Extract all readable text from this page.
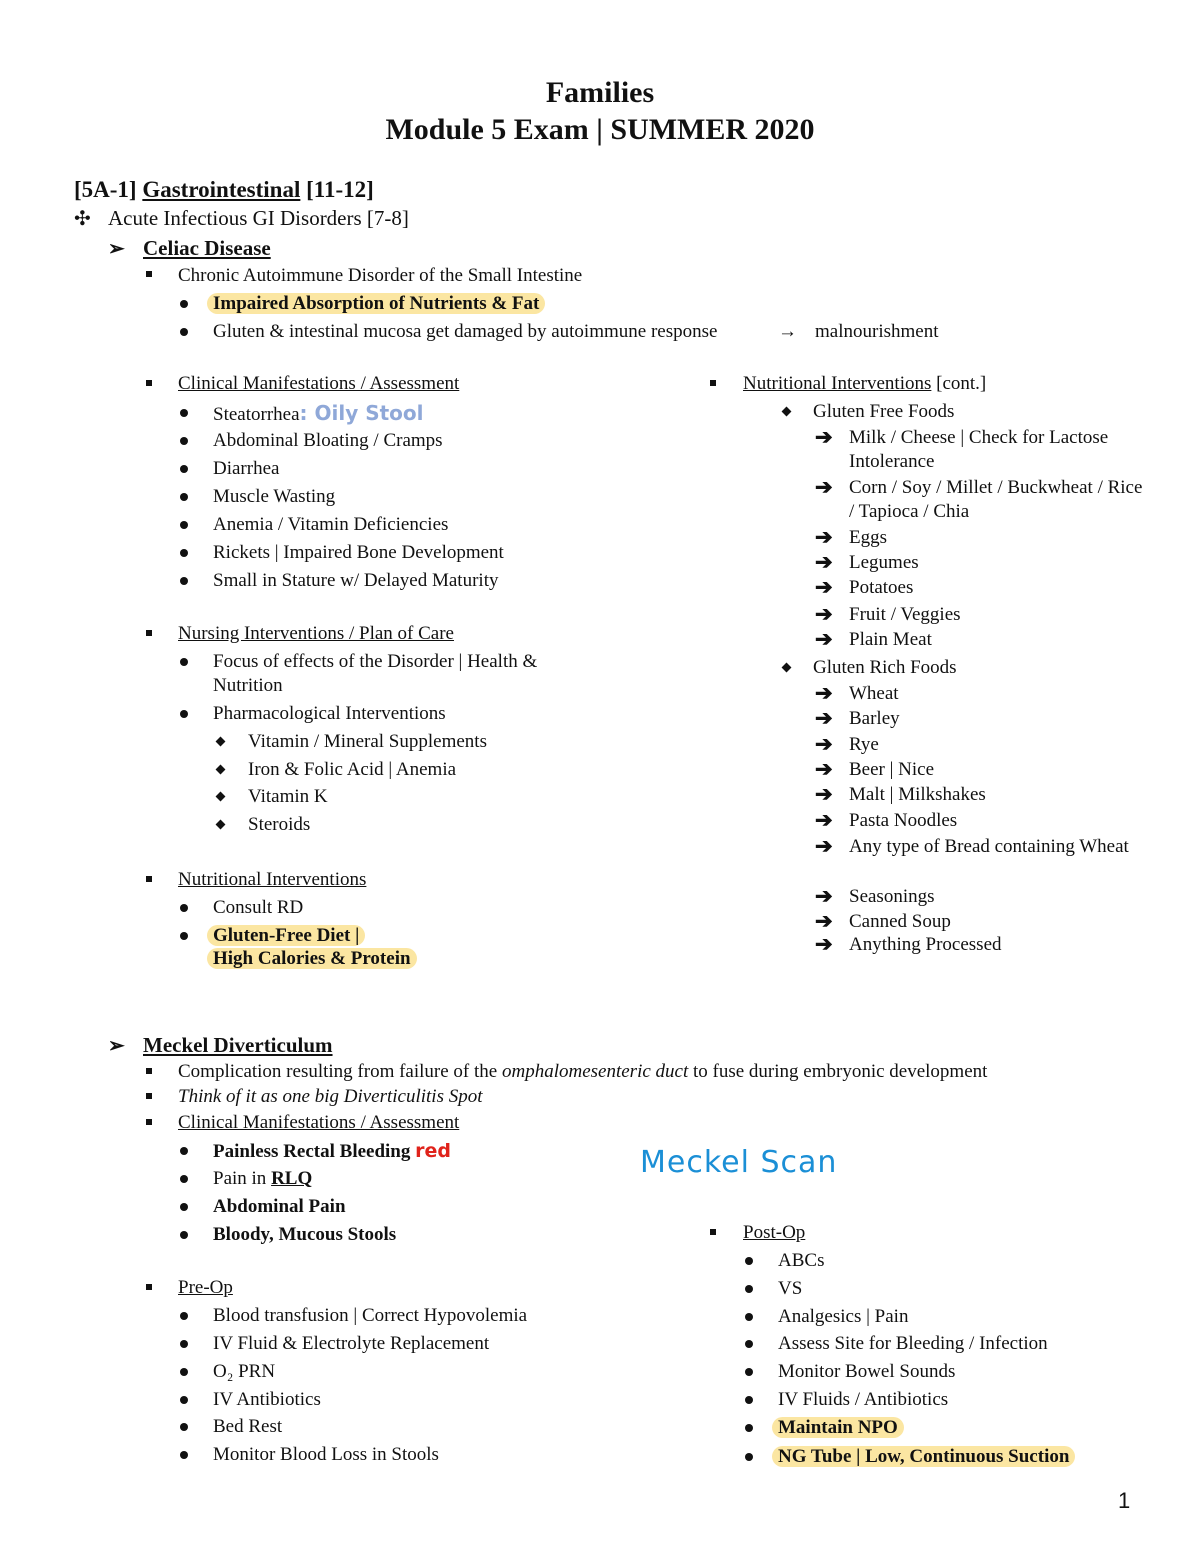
Families
Module 5 Exam | SUMMER 2020
[5A-1] Gastrointestinal [11-12]
✣ Acute Infectious GI Disorders [7-8]
➢ Celiac Disease
Chronic Autoimmune Disorder of the Small Intestine
Impaired Absorption of Nutrients & Fat
Gluten & intestinal mucosa get damaged by autoimmune response	→ malnourishment
Clinical Manifestations / Assessment
Steatorrhea: Oily Stool
Abdominal Bloating / Cramps
Diarrhea
Muscle Wasting
Anemia / Vitamin Deficiencies
Rickets | Impaired Bone Development
Small in Stature w/ Delayed Maturity
Nursing Interventions / Plan of Care
Focus of effects of the Disorder | Health & Nutrition
Pharmacological Interventions
Vitamin / Mineral Supplements
Iron & Folic Acid | Anemia
Vitamin K
Steroids
Nutritional Interventions
Consult RD
Gluten-Free Diet |
High Calories & Protein
Nutritional Interventions [cont.]
Gluten Free Foods
➔ Milk / Cheese | Check for Lactose Intolerance
➔ Corn / Soy / Millet / Buckwheat / Rice / Tapioca / Chia
➔ Eggs
➔ Legumes
➔ Potatoes
➔ Fruit / Veggies
➔ Plain Meat
Gluten Rich Foods
➔ Wheat
➔ Barley
➔ Rye
➔ Beer | Nice
➔ Malt | Milkshakes
➔ Pasta Noodles
➔ Any type of Bread containing Wheat
➔ Seasonings
➔ Canned Soup
➔ Anything Processed
➢ Meckel Diverticulum
Complication resulting from failure of the omphalomesenteric duct to fuse during embryonic development
Think of it as one big Diverticulitis Spot
Clinical Manifestations / Assessment
Painless Rectal Bleeding red
Pain in RLQ
Abdominal Pain
Bloody, Mucous Stools
Meckel Scan
Pre-Op
Blood transfusion | Correct Hypovolemia
IV Fluid & Electrolyte Replacement
O₂ PRN
IV Antibiotics
Bed Rest
Monitor Blood Loss in Stools
Post-Op
ABCs
VS
Analgesics | Pain
Assess Site for Bleeding / Infection
Monitor Bowel Sounds
IV Fluids / Antibiotics
Maintain NPO
NG Tube | Low, Continuous Suction
1
